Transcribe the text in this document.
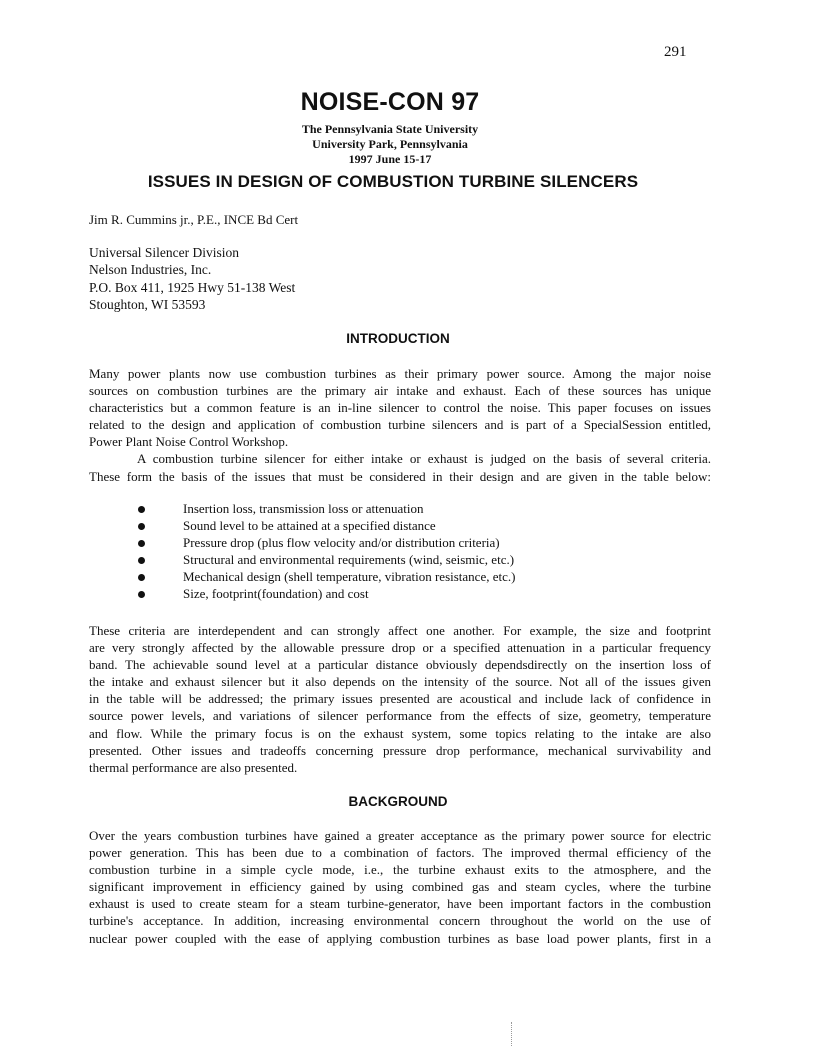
291
NOISE-CON 97
The Pennsylvania State University
University Park, Pennsylvania
1997 June 15-17
ISSUES IN DESIGN OF COMBUSTION TURBINE SILENCERS
Jim R. Cummins jr., P.E., INCE Bd Cert
Universal Silencer Division
Nelson Industries, Inc.
P.O. Box 411, 1925 Hwy 51-138 West
Stoughton, WI 53593
INTRODUCTION
Many power plants now use combustion turbines as their primary power source. Among the major noise
sources on combustion turbines are the primary air intake and exhaust. Each of these sources has unique
characteristics but a common feature is an in-line silencer to control the noise. This paper focuses on issues
related to the design and application of combustion turbine silencers and is part of a SpecialSession entitled,
Power Plant Noise Control Workshop.
A combustion turbine silencer for either intake or exhaust is judged on the basis of several criteria.
These form the basis of the issues that must be considered in their design and are given in the table below:
Insertion loss, transmission loss or attenuation
Sound level to be attained at a specified distance
Pressure drop (plus flow velocity and/or distribution criteria)
Structural and environmental requirements (wind, seismic, etc.)
Mechanical design (shell temperature, vibration resistance, etc.)
Size, footprint(foundation) and cost
These criteria are interdependent and can strongly affect one another. For example, the size and footprint
are very strongly affected by the allowable pressure drop or a specified attenuation in a particular frequency
band. The achievable sound level at a particular distance obviously dependsdirectly on the insertion loss of
the intake and exhaust silencer but it also depends on the intensity of the source. Not all of the issues given
in the table will be addressed; the primary issues presented are acoustical and include lack of confidence in
source power levels, and variations of silencer performance from the effects of size, geometry, temperature
and flow. While the primary focus is on the exhaust system, some topics relating to the intake are also
presented. Other issues and tradeoffs concerning pressure drop performance, mechanical survivability and
thermal performance are also presented.
BACKGROUND
Over the years combustion turbines have gained a greater acceptance as the primary power source for electric
power generation. This has been due to a combination of factors. The improved thermal efficiency of the
combustion turbine in a simple cycle mode, i.e., the turbine exhaust exits to the atmosphere, and the
significant improvement in efficiency gained by using combined gas and steam cycles, where the turbine
exhaust is used to create steam for a steam turbine-generator, have been important factors in the combustion
turbine's acceptance. In addition, increasing environmental concern throughout the world on the use of
nuclear power coupled with the ease of applying combustion turbines as base load power plants, first in a
